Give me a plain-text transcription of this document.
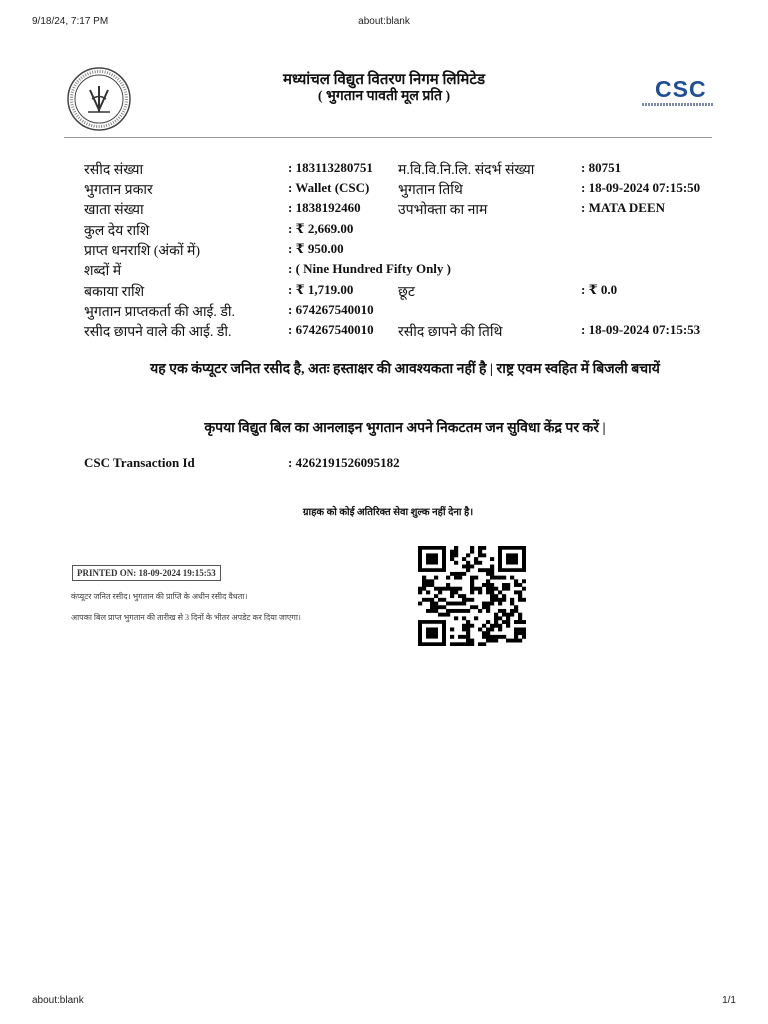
9/18/24, 7:17 PM	about:blank
मध्यांचल विद्युत वितरण निगम लिमिटेड
( भुगतान पावती मूल प्रति )	CSC
रसीद संख्या	: 183113280751 म.वि.वि.नि.लि. संदर्भ संख्या	: 80751
भुगतान प्रकार	: Wallet (CSC) भुगतान तिथि	: 18-09-2024 07:15:50
खाता संख्या	: 1838192460	उपभोक्ता का नाम	: MATA DEEN
कुल देय राशि	: ₹ 2,669.00
प्राप्त धनराशि (अंकों में)	: ₹ 950.00
शब्दों में	: ( Nine Hundred Fifty Only )
बकाया राशि	: ₹ 1,719.00	छूट	: ₹ 0.0
भुगतान प्राप्तकर्ता की आई. डी.	: 674267540010
रसीद छापने वाले की आई. डी.	: 674267540010 रसीद छापने की तिथि	: 18-09-2024 07:15:53
यह एक कंप्यूटर जनित रसीद है, अतः हस्ताक्षर की आवश्यकता नहीं है | राष्ट्र एवम स्वहित में बिजली बचायें
कृपया विद्युत बिल का आनलाइन भुगतान अपने निकटतम जन सुविधा केंद्र पर करें |
CSC Transaction Id	: 4262191526095182
ग्राहक को कोई अतिरिक्त सेवा शुल्क नहीं देना है।
PRINTED ON: 18-09-2024 19:15:53
कंप्यूटर जनित रसीद। भुगतान की प्राप्ति के अधीन रसीद वैधता।
आपका बिल प्राप्त भुगतान की तारीख से 3 दिनों के भीतर अपडेट कर दिया जाएगा।
about:blank	1/1
